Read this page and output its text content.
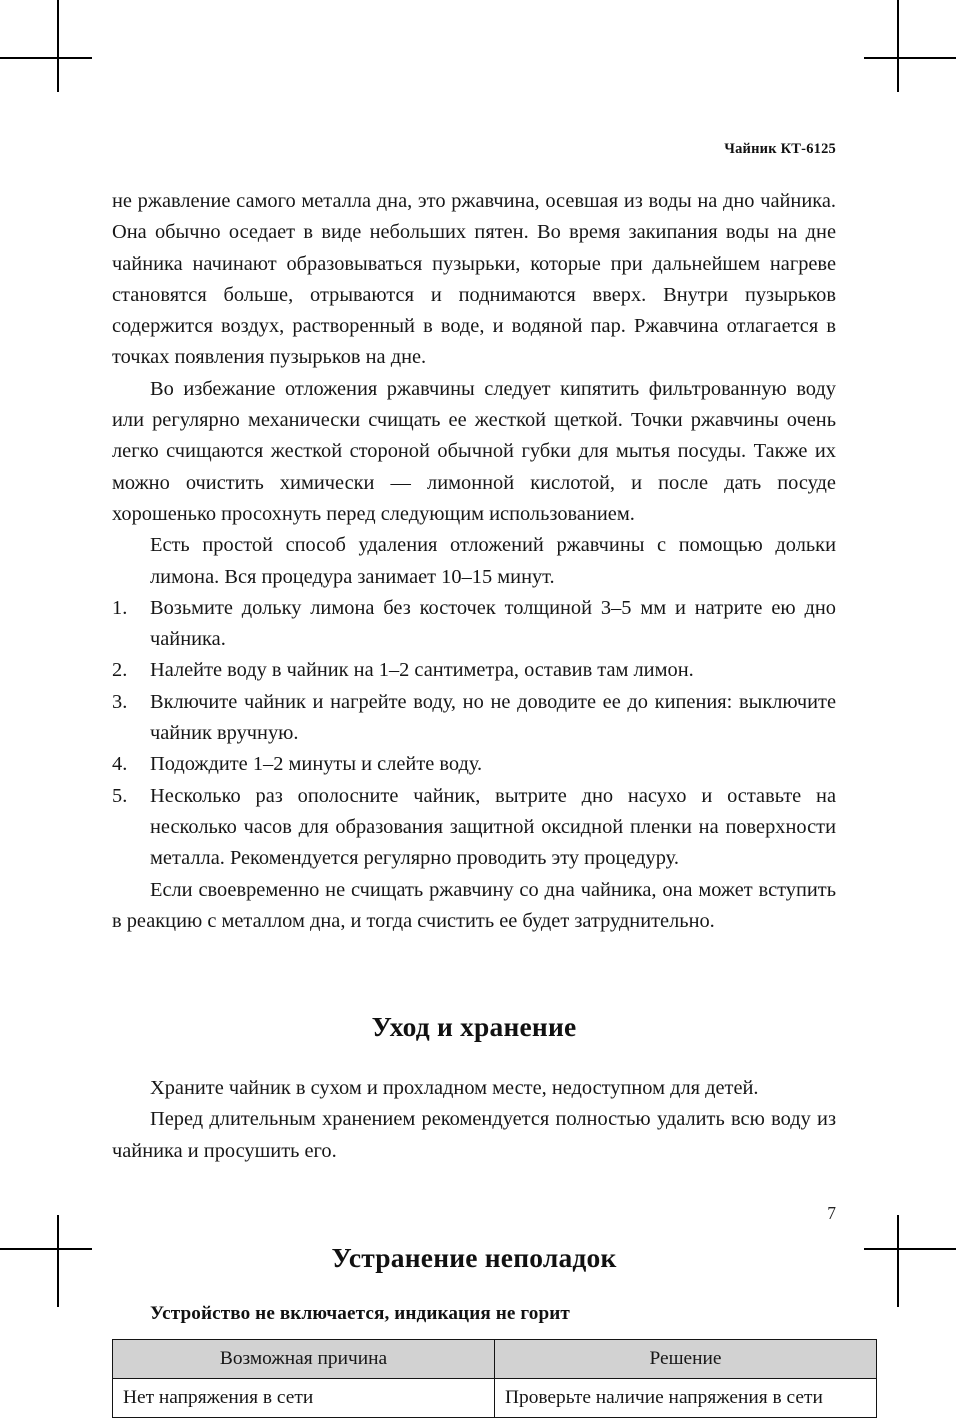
Чайник КТ-6125

не ржавление самого металла дна, это ржавчина, осевшая из воды на дно чайника. Она обычно оседает в виде небольших пятен. Во время закипания воды на дне чайника начинают образовываться пузырьки, которые при дальнейшем нагреве становятся больше, отрываются и поднимаются вверх. Внутри пузырьков содержится воздух, растворенный в воде, и водяной пар. Ржавчина отлагается в точках появления пузырьков на дне.

Во избежание отложения ржавчины следует кипятить фильтрованную воду или регулярно механически счищать ее жесткой щеткой. Точки ржавчины очень легко счищаются жесткой стороной обычной губки для мытья посуды. Также их можно очистить химически — лимонной кислотой, и после дать посуде хорошенько просохнуть перед следующим использованием.

Есть простой способ удаления отложений ржавчины с помощью дольки лимона. Вся процедура занимает 10–15 минут.

Возьмите дольку лимона без косточек толщиной 3–5 мм и натрите ею дно чайника.
Налейте воду в чайник на 1–2 сантиметра, оставив там лимон.
Включите чайник и нагрейте воду, но не доводите ее до кипения: выключите чайник вручную.
Подождите 1–2 минуты и слейте воду.
Несколько раз ополосните чайник, вытрите дно насухо и оставьте на несколько часов для образования защитной оксидной пленки на поверхности металла. Рекомендуется регулярно проводить эту процедуру.

Если своевременно не счищать ржавчину со дна чайника, она может вступить в реакцию с металлом дна, и тогда счистить ее будет затруднительно.

Уход и хранение

Храните чайник в сухом и прохладном месте, недоступном для детей.

Перед длительным хранением рекомендуется полностью удалить всю воду из чайника и просушить его.

Устранение неполадок
Устройство не включается, индикация не горит
Возможная причина	Решение
Нет напряжения в сети	Проверьте наличие напряжения в сети
7
